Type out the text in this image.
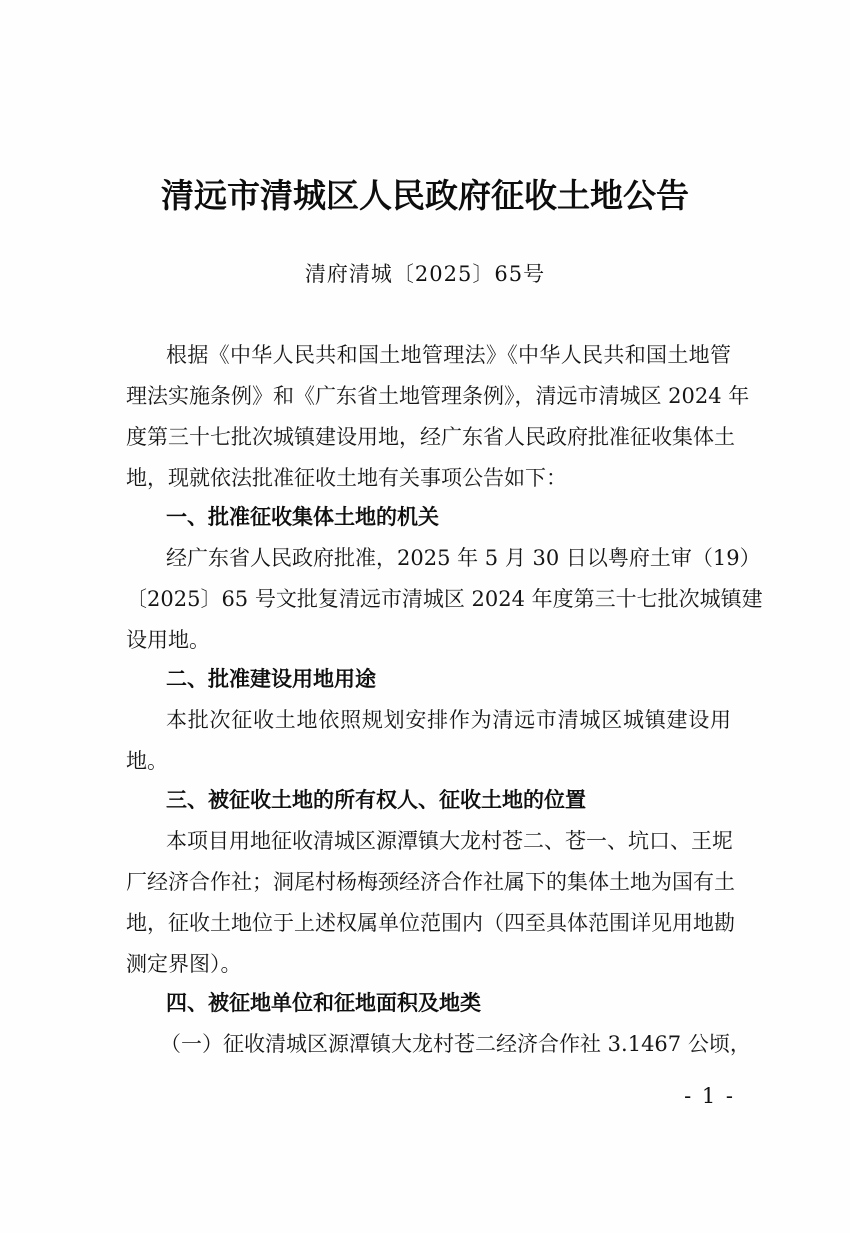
清远市清城区人民政府征收土地公告
清府清城〔2025〕65号
根据《中华人民共和国土地管理法》《中华人民共和国土地管
理法实施条例》和《广东省土地管理条例》，清远市清城区 2024 年
度第三十七批次城镇建设用地，经广东省人民政府批准征收集体土
地，现就依法批准征收土地有关事项公告如下：
一、批准征收集体土地的机关
经广东省人民政府批准，2025 年 5 月 30 日以粤府土审（19）
〔2025〕65 号文批复清远市清城区 2024 年度第三十七批次城镇建
设用地。
二、批准建设用地用途
本批次征收土地依照规划安排作为清远市清城区城镇建设用
地。
三、被征收土地的所有权人、征收土地的位置
本项目用地征收清城区源潭镇大龙村苍二、苍一、坑口、王坭
厂经济合作社；洞尾村杨梅颈经济合作社属下的集体土地为国有土
地，征收土地位于上述权属单位范围内（四至具体范围详见用地勘
测定界图）。
四、被征地单位和征地面积及地类
（一）征收清城区源潭镇大龙村苍二经济合作社 3.1467 公顷，
- 1 -
